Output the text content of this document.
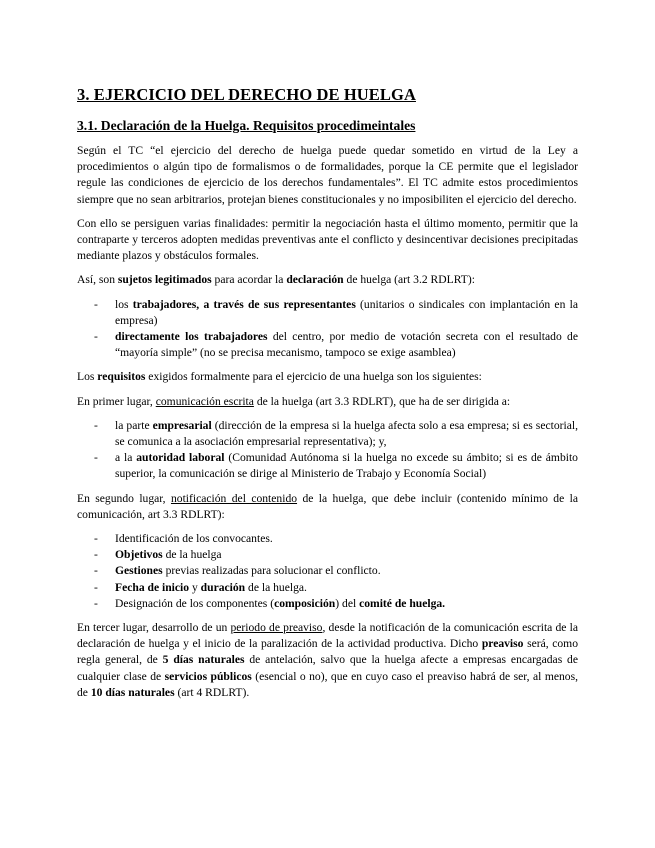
3. EJERCICIO DEL DERECHO DE HUELGA
3.1. Declaración de la Huelga. Requisitos procedimeintales

Según el TC “el ejercicio del derecho de huelga puede quedar sometido en virtud de la Ley a procedimientos o algún tipo de formalismos o de formalidades, porque la CE permite que el legislador regule las condiciones de ejercicio de los derechos fundamentales”. El TC admite estos procedimientos siempre que no sean arbitrarios, protejan bienes constitucionales y no imposibiliten el ejercicio del derecho.

Con ello se persiguen varias finalidades: permitir la negociación hasta el último momento, permitir que la contraparte y terceros adopten medidas preventivas ante el conflicto y desincentivar decisiones precipitadas mediante plazos y obstáculos formales.

Así, son sujetos legitimados para acordar la declaración de huelga (art 3.2 RDLRT):

- los trabajadores, a través de sus representantes (unitarios o sindicales con implantación en la empresa)
- directamente los trabajadores del centro, por medio de votación secreta con el resultado de “mayoría simple” (no se precisa mecanismo, tampoco se exige asamblea)

Los requisitos exigidos formalmente para el ejercicio de una huelga son los siguientes:

En primer lugar, comunicación escrita de la huelga (art 3.3 RDLRT), que ha de ser dirigida a:

- la parte empresarial (dirección de la empresa si la huelga afecta solo a esa empresa; si es sectorial, se comunica a la asociación empresarial representativa); y,
- a la autoridad laboral (Comunidad Autónoma si la huelga no excede su ámbito; si es de ámbito superior, la comunicación se dirige al Ministerio de Trabajo y Economía Social)

En segundo lugar, notificación del contenido de la huelga, que debe incluir (contenido mínimo de la comunicación, art 3.3 RDLRT):

- Identificación de los convocantes.
- Objetivos de la huelga
- Gestiones previas realizadas para solucionar el conflicto.
- Fecha de inicio y duración de la huelga.
- Designación de los componentes (composición) del comité de huelga.

En tercer lugar, desarrollo de un periodo de preaviso, desde la notificación de la comunicación escrita de la declaración de huelga y el inicio de la paralización de la actividad productiva. Dicho preaviso será, como regla general, de 5 días naturales de antelación, salvo que la huelga afecte a empresas encargadas de cualquier clase de servicios públicos (esencial o no), que en cuyo caso el preaviso habrá de ser, al menos, de 10 días naturales (art 4 RDLRT).
